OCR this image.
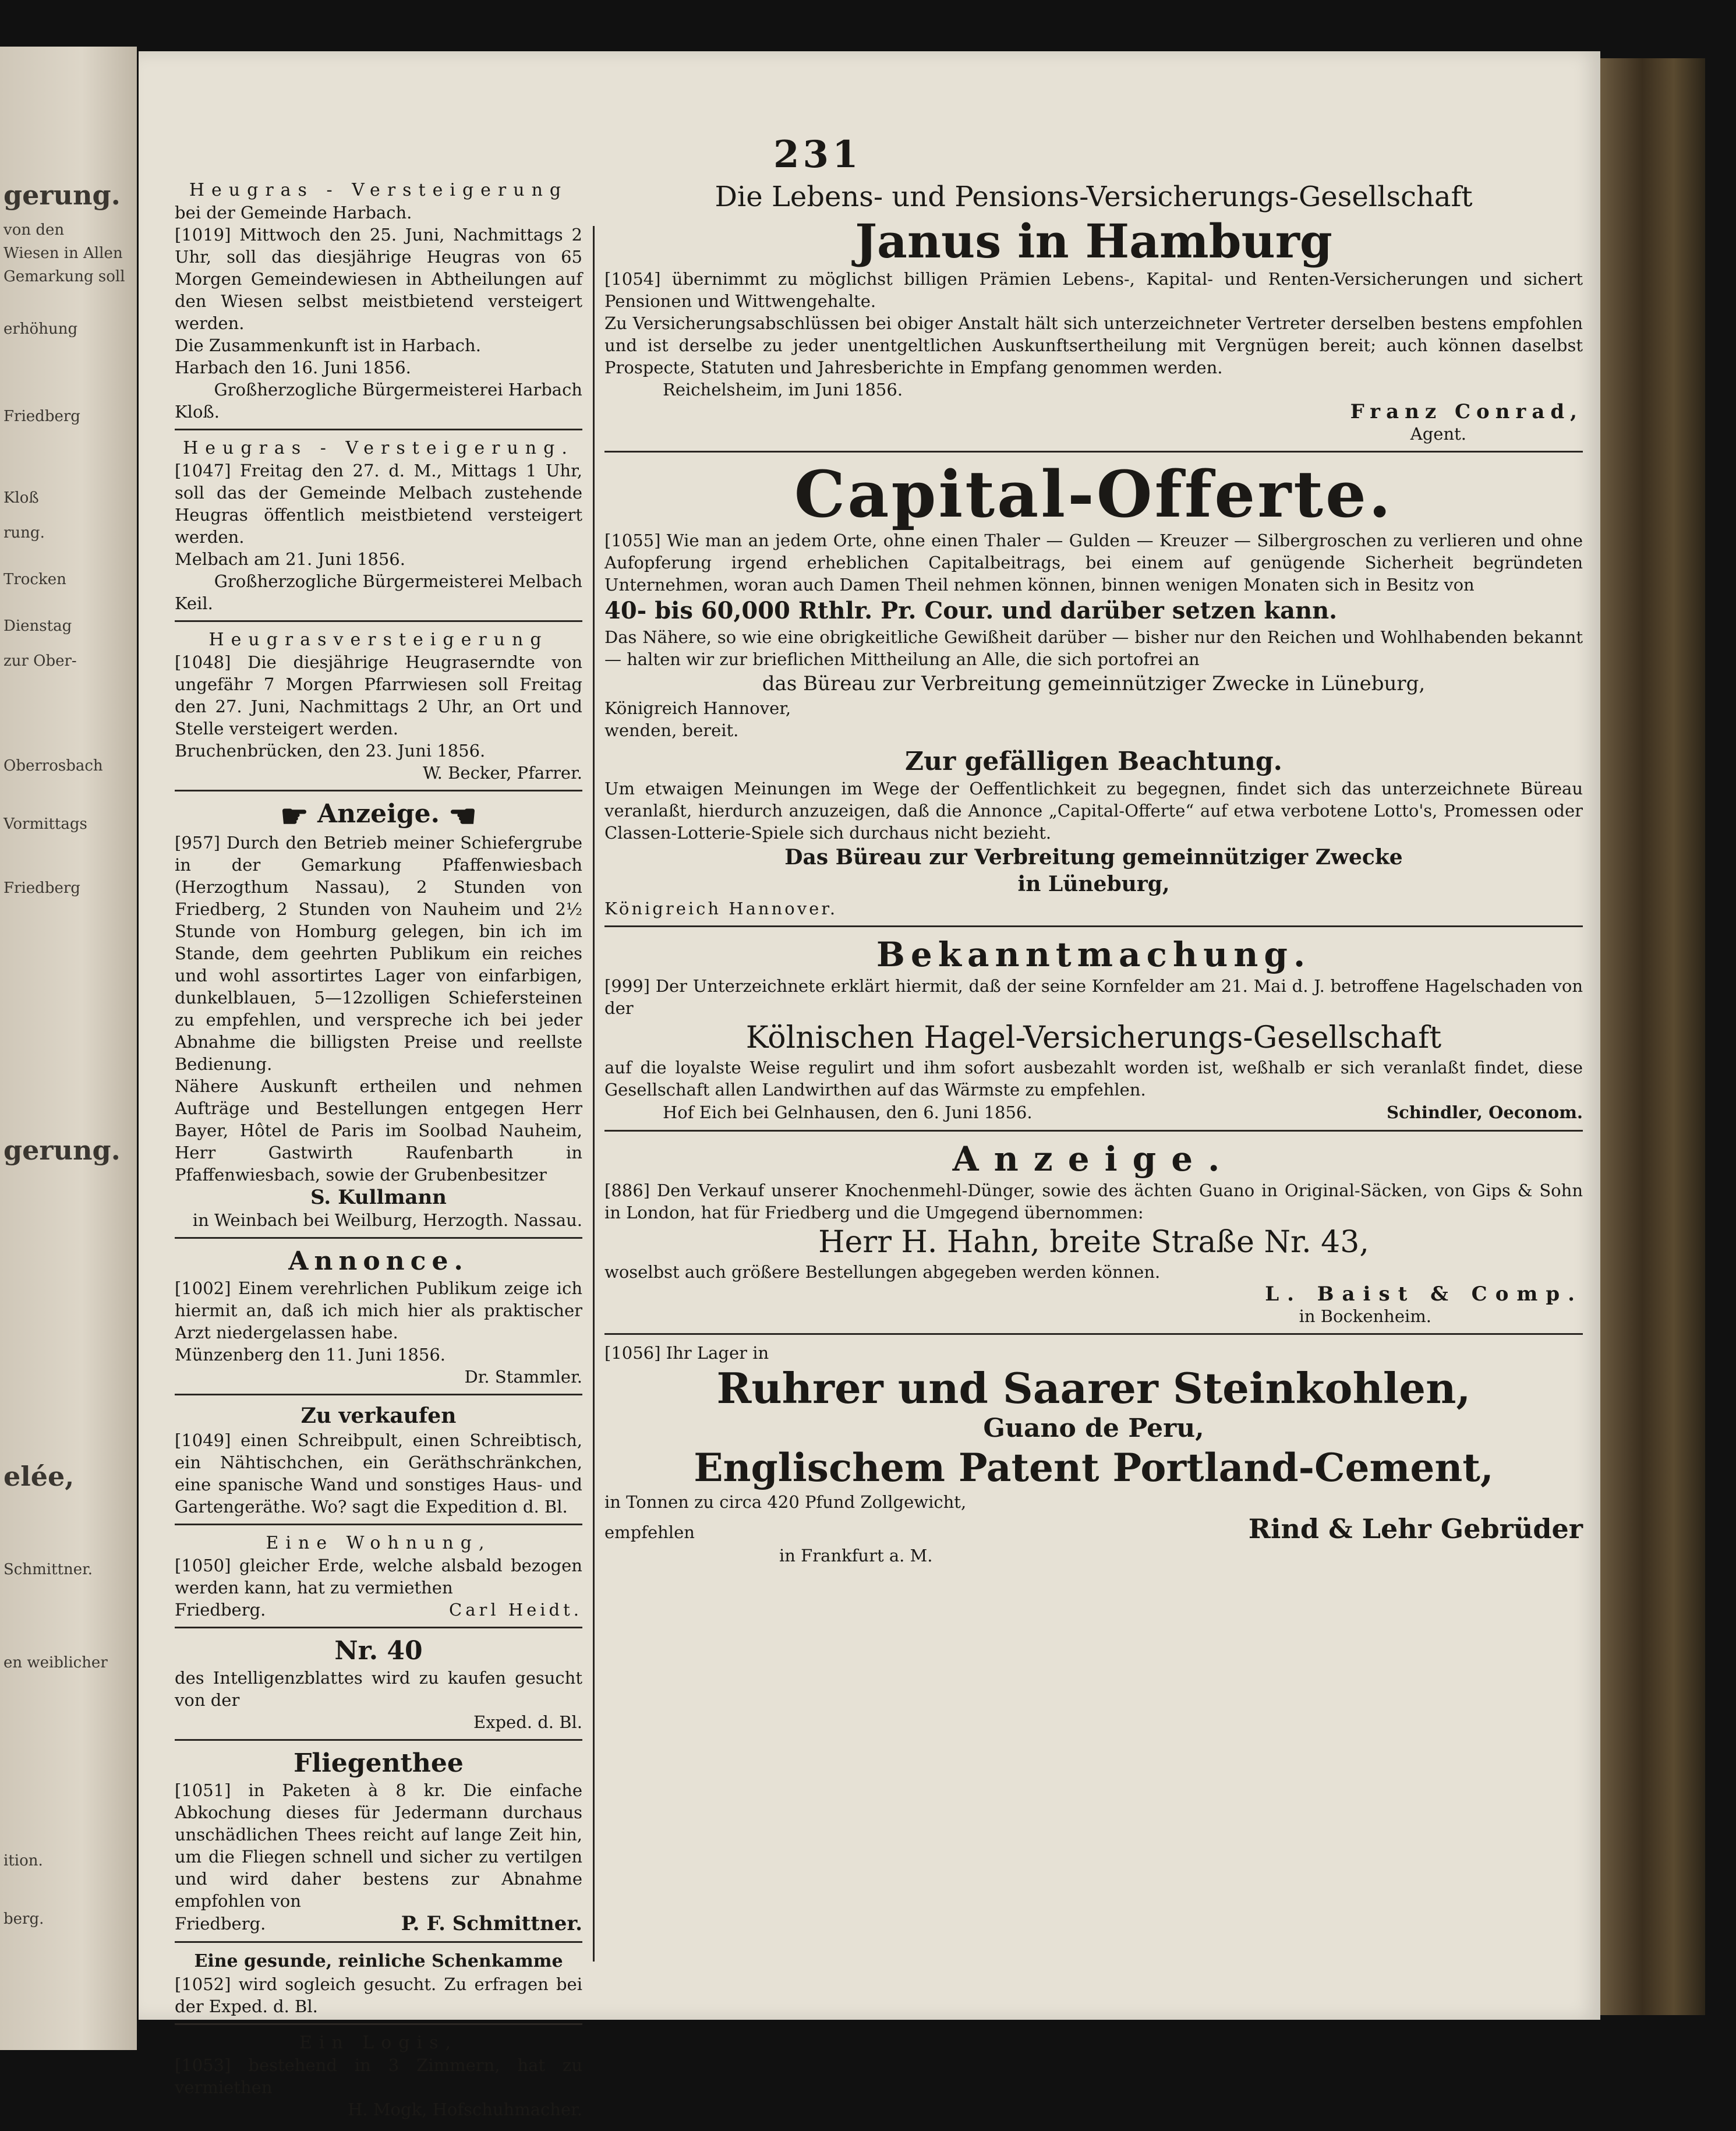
gerung.
von den
Wiesen in Allen
Gemarkung soll
erhöhung
Friedberg
Kloß
rung.
Trocken
Dienstag
zur Ober-
Oberrosbach
Vormittags
Friedberg
gerung.
elée,
Schmittner.
en weiblicher
ition.
berg.
231
Heugras - Versteigerung
bei der Gemeinde Harbach.

[1019] Mittwoch den 25. Juni, Nachmittags 2 Uhr, soll das diesjährige Heugras von 65 Morgen Gemeindewiesen in Abtheilungen auf den Wiesen selbst meistbietend versteigert werden.

Die Zusammenkunft ist in Harbach.
Harbach den 16. Juni 1856.
Großherzogliche Bürgermeisterei Harbach
Kloß.
Heugras - Versteigerung.

[1047] Freitag den 27. d. M., Mittags 1 Uhr, soll das der Gemeinde Melbach zustehende Heugras öffentlich meistbietend versteigert werden.

Melbach am 21. Juni 1856.
Großherzogliche Bürgermeisterei Melbach
Keil.
Heugrasversteigerung

[1048] Die diesjährige Heugraserndte von ungefähr 7 Morgen Pfarrwiesen soll Freitag den 27. Juni, Nachmittags 2 Uhr, an Ort und Stelle versteigert werden.

Bruchenbrücken, den 23. Juni 1856.
W. Becker, Pfarrer.
☛ Anzeige. ☚

[957] Durch den Betrieb meiner Schiefergrube in der Gemarkung Pfaffenwiesbach (Herzogthum Nassau), 2 Stunden von Friedberg, 2 Stunden von Nauheim und 2½ Stunde von Homburg gelegen, bin ich im Stande, dem geehrten Publikum ein reiches und wohl assortirtes Lager von einfarbigen, dunkelblauen, 5—12zolligen Schiefersteinen zu empfehlen, und verspreche ich bei jeder Abnahme die billigsten Preise und reellste Bedienung.

Nähere Auskunft ertheilen und nehmen Aufträge und Bestellungen entgegen Herr Bayer, Hôtel de Paris im Soolbad Nauheim, Herr Gastwirth Raufenbarth in Pfaffenwiesbach, sowie der Grubenbesitzer

S. Kullmann
in Weinbach bei Weilburg, Herzogth. Nassau.
Annonce.

[1002] Einem verehrlichen Publikum zeige ich hiermit an, daß ich mich hier als praktischer Arzt niedergelassen habe.

Münzenberg den 11. Juni 1856.
Dr. Stammler.
Zu verkaufen

[1049] einen Schreibpult, einen Schreibtisch, ein Nähtischchen, ein Geräthschränkchen, eine spanische Wand und sonstiges Haus- und Gartengeräthe. Wo? sagt die Expedition d. Bl.

Eine Wohnung,

[1050] gleicher Erde, welche alsbald bezogen werden kann, hat zu vermiethen

Friedberg.	Carl Heidt.
Nr. 40

des Intelligenzblattes wird zu kaufen gesucht von der

Exped. d. Bl.
Fliegenthee

[1051] in Paketen à 8 kr. Die einfache Abkochung dieses für Jedermann durchaus unschädlichen Thees reicht auf lange Zeit hin, um die Fliegen schnell und sicher zu vertilgen und wird daher bestens zur Abnahme empfohlen von

Friedberg.	P. F. Schmittner.
Eine gesunde, reinliche Schenkamme

[1052] wird sogleich gesucht. Zu erfragen bei der Exped. d. Bl.

Ein Logis,

[1053] bestehend in 3 Zimmern, hat zu vermiethen

H. Mogk, Hofschuhmacher.
Die Lebens- und Pensions-Versicherungs-Gesellschaft
Janus in Hamburg

[1054] übernimmt zu möglichst billigen Prämien Lebens-, Kapital- und Renten-Versicherungen und sichert Pensionen und Wittwengehalte.

Zu Versicherungsabschlüssen bei obiger Anstalt hält sich unterzeichneter Vertreter derselben bestens empfohlen und ist derselbe zu jeder unentgeltlichen Auskunftsertheilung mit Vergnügen bereit; auch können daselbst Prospecte, Statuten und Jahresberichte in Empfang genommen werden.

Reichelsheim, im Juni 1856.
Franz Conrad,
Agent.
Capital-Offerte.

[1055] Wie man an jedem Orte, ohne einen Thaler — Gulden — Kreuzer — Silbergroschen zu verlieren und ohne Aufopferung irgend erheblichen Capitalbeitrags, bei einem auf genügende Sicherheit begründeten Unternehmen, woran auch Damen Theil nehmen können, binnen wenigen Monaten sich in Besitz von

40- bis 60,000 Rthlr. Pr. Cour. und darüber setzen kann.

Das Nähere, so wie eine obrigkeitliche Gewißheit darüber — bisher nur den Reichen und Wohlhabenden bekannt — halten wir zur brieflichen Mittheilung an Alle, die sich portofrei an

das Büreau zur Verbreitung gemeinnütziger Zwecke in Lüneburg,
Königreich Hannover,
wenden, bereit.
Zur gefälligen Beachtung.

Um etwaigen Meinungen im Wege der Oeffentlichkeit zu begegnen, findet sich das unterzeichnete Büreau veranlaßt, hierdurch anzuzeigen, daß die Annonce „Capital-Offerte“ auf etwa verbotene Lotto's, Promessen oder Classen-Lotterie-Spiele sich durchaus nicht bezieht.

Das Büreau zur Verbreitung gemeinnütziger Zwecke
in Lüneburg,
Königreich Hannover.
Bekanntmachung.

[999] Der Unterzeichnete erklärt hiermit, daß der seine Kornfelder am 21. Mai d. J. betroffene Hagelschaden von der

Kölnischen Hagel-Versicherungs-Gesellschaft

auf die loyalste Weise regulirt und ihm sofort ausbezahlt worden ist, weßhalb er sich veranlaßt findet, diese Gesellschaft allen Landwirthen auf das Wärmste zu empfehlen.

Hof Eich bei Gelnhausen, den 6. Juni 1856.	Schindler, Oeconom.
Anzeige.

[886] Den Verkauf unserer Knochenmehl-Dünger, sowie des ächten Guano in Original-Säcken, von Gips & Sohn in London, hat für Friedberg und die Umgegend übernommen:

Herr H. Hahn, breite Straße Nr. 43,

woselbst auch größere Bestellungen abgegeben werden können.

L. Baist & Comp.
in Bockenheim.
[1056] Ihr Lager in
Ruhrer und Saarer Steinkohlen,
Guano de Peru,
Englischem Patent Portland-Cement,
in Tonnen zu circa 420 Pfund Zollgewicht,
empfehlen	Rind & Lehr Gebrüder
in Frankfurt a. M.
